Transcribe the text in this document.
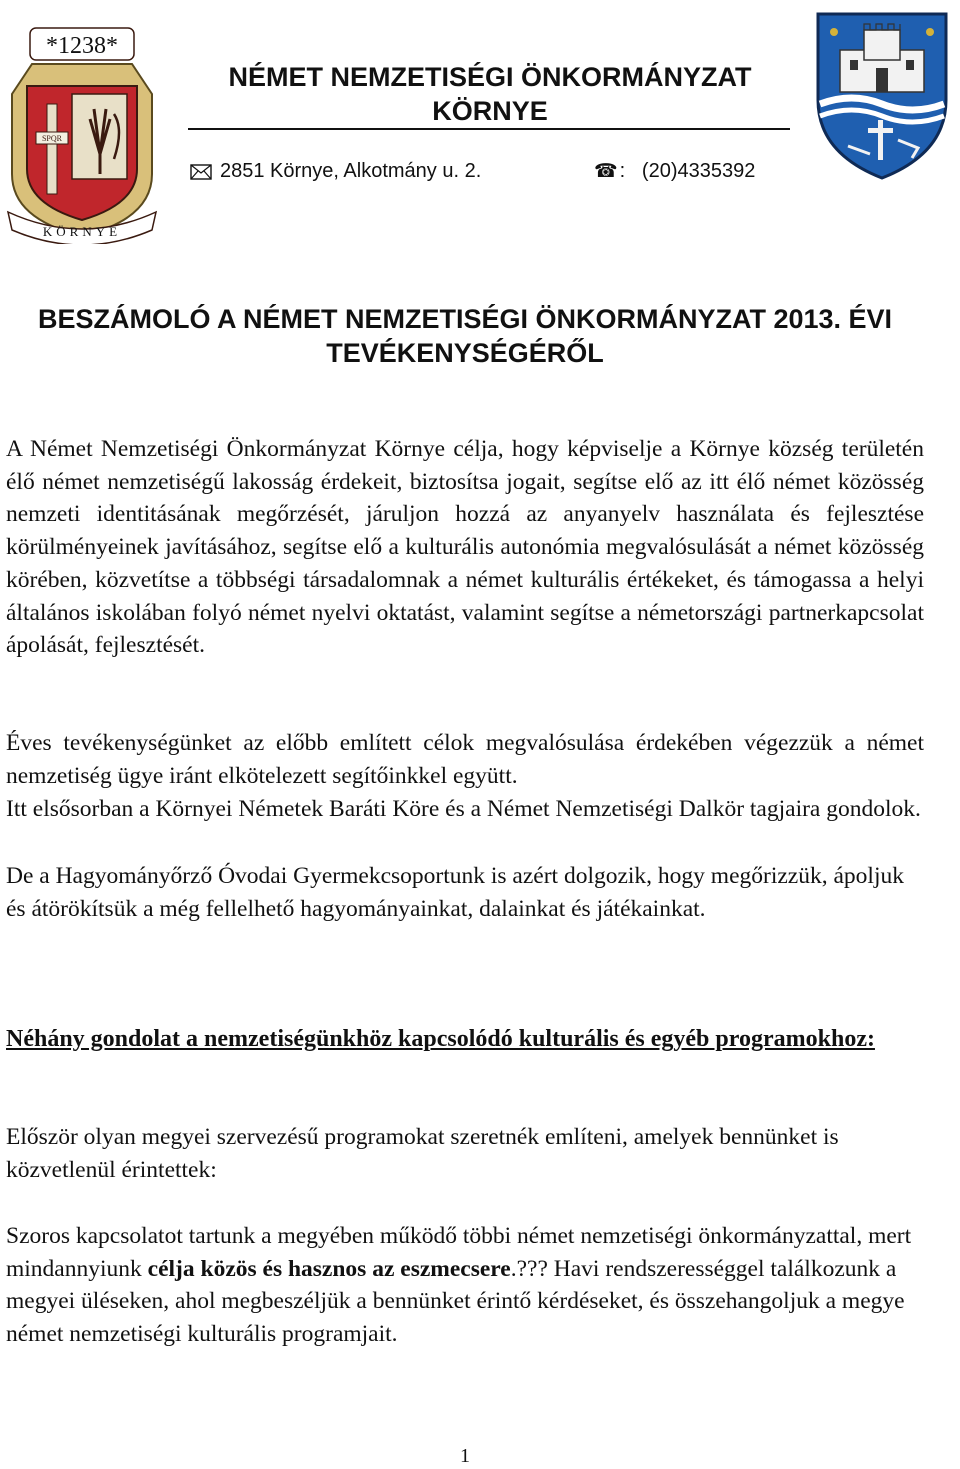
SPQR
*1238*
KÖRNYE
NÉMET NEMZETISÉGI ÖNKORMÁNYZAT KÖRNYE
2851 Környe, Alkotmány u. 2.	☎ : (20)4335392
BESZÁMOLÓ A NÉMET NEMZETISÉGI ÖNKORMÁNYZAT 2013. ÉVI TEVÉKENYSÉGÉRŐL

A Német Nemzetiségi Önkormányzat Környe célja, hogy képviselje a Környe község területén élő német nemzetiségű lakosság érdekeit, biztosítsa jogait, segítse elő az itt élő német közösség nemzeti identitásának megőrzését, járuljon hozzá az anyanyelv használata és fejlesztése körülményeinek javításához, segítse elő a kulturális autonómia megvalósulását a német közösség körében, közvetítse a többségi társadalomnak a német kulturális értékeket, és támogassa a helyi általános iskolában folyó német nyelvi oktatást, valamint segítse a németországi partnerkapcsolat ápolását, fejlesztését.

Éves tevékenységünket az előbb említett célok megvalósulása érdekében végezzük a német nemzetiség ügye iránt elkötelezett segítőinkkel együtt.

Itt elsősorban a Környei Németek Baráti Köre és a Német Nemzetiségi Dalkör tagjaira gondolok.

De a Hagyományőrző Óvodai Gyermekcsoportunk is azért dolgozik, hogy megőrizzük, ápoljuk és átörökítsük a még fellelhető hagyományainkat, dalainkat és játékainkat.

Néhány gondolat a nemzetiségünkhöz kapcsolódó kulturális és egyéb programokhoz:

Először olyan megyei szervezésű programokat szeretnék említeni, amelyek bennünket is közvetlenül érintettek:

Szoros kapcsolatot tartunk a megyében működő többi német nemzetiségi önkormányzattal, mert mindannyiunk célja közös és hasznos az eszmecsere.??? Havi rendszerességgel találkozunk a megyei üléseken, ahol megbeszéljük a bennünket érintő kérdéseket, és összehangoljuk a megye német nemzetiségi kulturális programjait.

1
